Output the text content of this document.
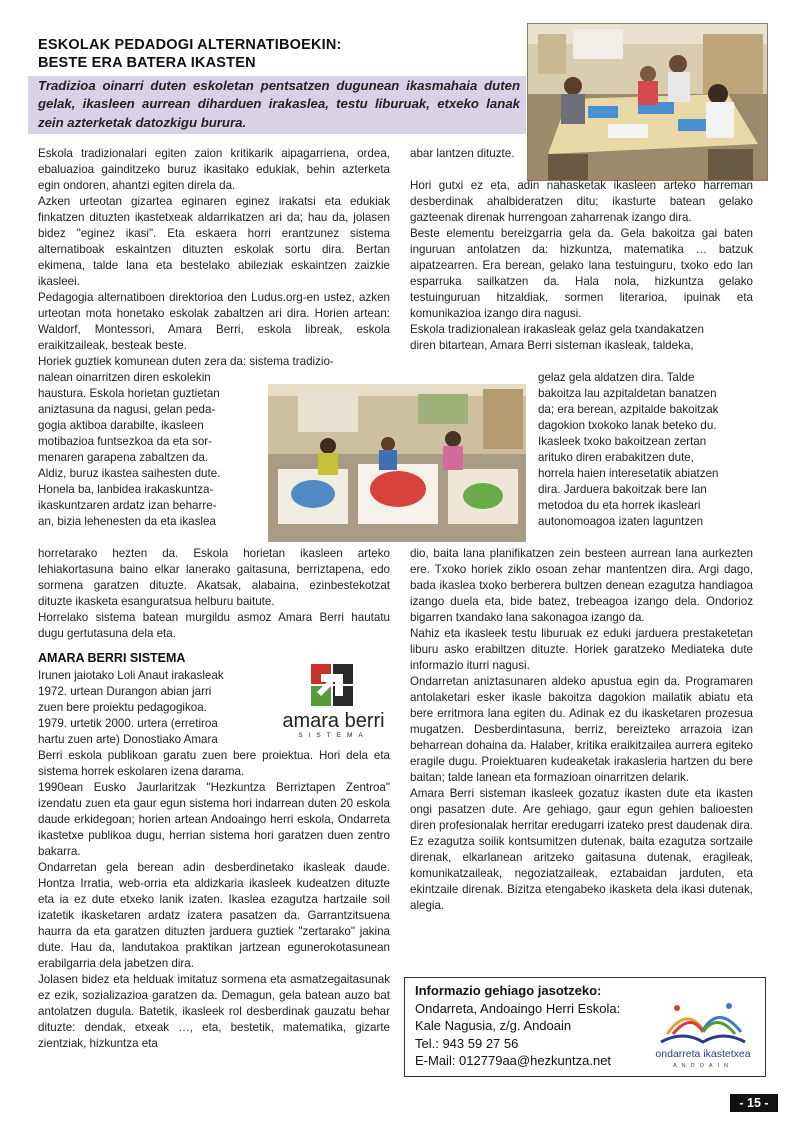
ESKOLAK PEDADOGI ALTERNATIBOEKIN:
BESTE ERA BATERA IKASTEN
Tradizioa oinarri duten eskoletan pentsatzen dugunean ikasmahaia duten gelak, ikasleen aurrean diharduen irakaslea, testu liburuak, etxeko lanak zein azterketak datozkigu burura.

Eskola tradizionalari egiten zaion kritikarik aipagarriena, ordea, ebaluazioa gainditzeko buruz ikasitako edukiak, behin azterketa egin ondoren, ahantzi egiten direla da.

Azken urteotan gizartea eginaren eginez irakatsi eta edukiak finkatzen dituzten ikastetxeak aldarrikatzen ari da; hau da, jolasen bidez "eginez ikasi". Eta eskaera horri erantzunez sistema alternatiboak eskaintzen dituzten eskolak sortu dira. Bertan ekimena, talde lana eta bestelako abileziak eskaintzen zaizkie ikasleei.

Pedagogia alternatiboen direktorioa den Ludus.org-en ustez, azken urteotan mota honetako eskolak zabaltzen ari dira. Horien artean: Waldorf, Montessori, Amara Berri, eskola libreak, eskola eraikitzaileak, besteak beste.

Horiek guztiek komunean duten zera da: sistema tradizio-

nalean oinarritzen diren eskolekin
haustura. Eskola horietan guztietan
aniztasuna da nagusi, gelan peda-
gogia aktiboa darabilte, ikasleen
motibazioa funtsezkoa da eta sor-
menaren garapena zabaltzen da.
Aldiz, buruz ikastea saihesten dute.
Honela ba, lanbidea irakaskuntza-
ikaskuntzaren ardatz izan beharre-
an, bizia lehenesten da eta ikaslea

horretarako hezten da. Eskola horietan ikasleen arteko lehiakortasuna baino elkar lanerako gaitasuna, berriztapena, edo sormena garatzen dituzte. Akatsak, alabaina, ezinbestekotzat dituzte ikasketa esanguratsua helburu baitute.

Horrelako sistema batean murgildu asmoz Amara Berri hautatu dugu gertutasuna dela eta.

AMARA BERRI SISTEMA
amara berri
SISTEMA
Irunen jaiotako Loli Anaut irakasleak
1972. urtean Durangon abian jarri
zuen bere proiektu pedagogikoa.
1979. urtetik 2000. urtera (erretiroa
hartu zuen arte) Donostiako Amara

Berri eskola publikoan garatu zuen bere proiektua. Hori dela eta sistema horrek eskolaren izena darama.

1990ean Eusko Jaurlaritzak "Hezkuntza Berriztapen Zentroa" izendatu zuen eta gaur egun sistema hori indarrean duten 20 eskola daude erkidegoan; horien artean Andoaingo herri eskola, Ondarreta ikastetxe publikoa dugu, herrian sistema hori garatzen duen zentro bakarra.

Ondarretan gela berean adin desberdinetako ikasleak daude. Hontza Irratia, web-orria eta aldizkaria ikasleek kudeatzen dituzte eta ia ez dute etxeko lanik izaten. Ikaslea ezagutza hartzaile soil izatetik ikasketaren ardatz izatera pasatzen da. Garrantzitsuena haurra da eta garatzen dituzten jarduera guztiek "zertarako" jakina dute. Hau da, landutakoa praktikan jartzean egunerokotasunean erabilgarria dela jabetzen dira.

Jolasen bidez eta helduak imitatuz sormena eta asmatzegaitasunak ez ezik, sozializazioa garatzen da. Demagun, gela batean auzo bat antolatzen dugula. Batetik, ikasleek rol desberdinak gauzatu behar dituzte: dendak, etxeak …, eta, bestetik, matematika, gizarte zientziak, hizkuntza eta

abar lantzen dituzte.

Hori gutxi ez eta, adin nahasketak ikasleen arteko harreman desberdinak ahalbideratzen ditu; ikasturte batean gelako gazteenak direnak hurrengoan zaharrenak izango dira.

Beste elementu bereizgarria gela da. Gela bakoitza gai baten inguruan antolatzen da: hizkuntza, matematika … batzuk aipatzearren. Era berean, gelako lana testuinguru, txoko edo lan esparruka sailkatzen da. Hala nola, hizkuntza gelako testuinguruan hitzaldiak, sormen literarioa, ipuinak eta komunikazioa izango dira nagusi.

Eskola tradizionalean irakasleak gelaz gela txandakatzen
diren bitartean, Amara Berri sisteman ikasleak, taldeka,
gelaz gela aldatzen dira. Talde
bakoitza lau azpitaldetan banatzen
da; era berean, azpitalde bakoitzak
dagokion txokoko lanak beteko du.
Ikasleek txoko bakoitzean zertan
arituko diren erabakitzen dute,
horrela haien interesetatik abiatzen
dira. Jarduera bakoitzak bere lan
metodoa du eta horrek ikasleari
autonomoagoa izaten laguntzen

dio, baita lana planifikatzen zein besteen aurrean lana aurkezten ere. Txoko horiek ziklo osoan zehar mantentzen dira. Argi dago, bada ikaslea txoko berberera bultzen denean ezagutza handiagoa izango duela eta, bide batez, trebeagoa izango dela. Ondorioz bigarren txandako lana sakonagoa izango da.

Nahiz eta ikasleek testu liburuak ez eduki jarduera prestaketetan liburu asko erabiltzen dituzte. Horiek garatzeko Mediateka dute informazio iturri nagusi.

Ondarretan aniztasunaren aldeko apustua egin da. Programaren antolaketari esker ikasle bakoitza dagokion mailatik abiatu eta bere erritmora lana egiten du. Adinak ez du ikasketaren prozesua mugatzen. Desberdintasuna, berriz, bereizteko arrazoia izan beharrean dohaina da. Halaber, kritika eraikitzailea aurrera egiteko eragile dugu. Proiektuaren kudeaketak irakasleria hartzen du bere baitan; talde lanean eta formazioan oinarritzen delarik.

Amara Berri sisteman ikasleek gozatuz ikasten dute eta ikasten ongi pasatzen dute. Are gehiago, gaur egun gehien balioesten diren profesionalak herritar eredugarri izateko prest daudenak dira. Ez ezagutza soilik kontsumitzen dutenak, baita ezagutza sortzaile direnak, elkarlanean aritzeko gaitasuna dutenak, eragileak, komunikatzaileak, negoziatzaileak, eztabaidan jarduten, eta ekintzaile direnak. Bizitza etengabeko ikasketa dela ikasi dutenak, alegia.

Informazio gehiago jasotzeko:
Ondarreta, Andoaingo Herri Eskola:
Kale Nagusia, z/g. Andoain
Tel.: 943 59 27 56
E-Mail: 012779aa@hezkuntza.net	ondarreta ikastetxea
ANDOAIN
- 15 -
